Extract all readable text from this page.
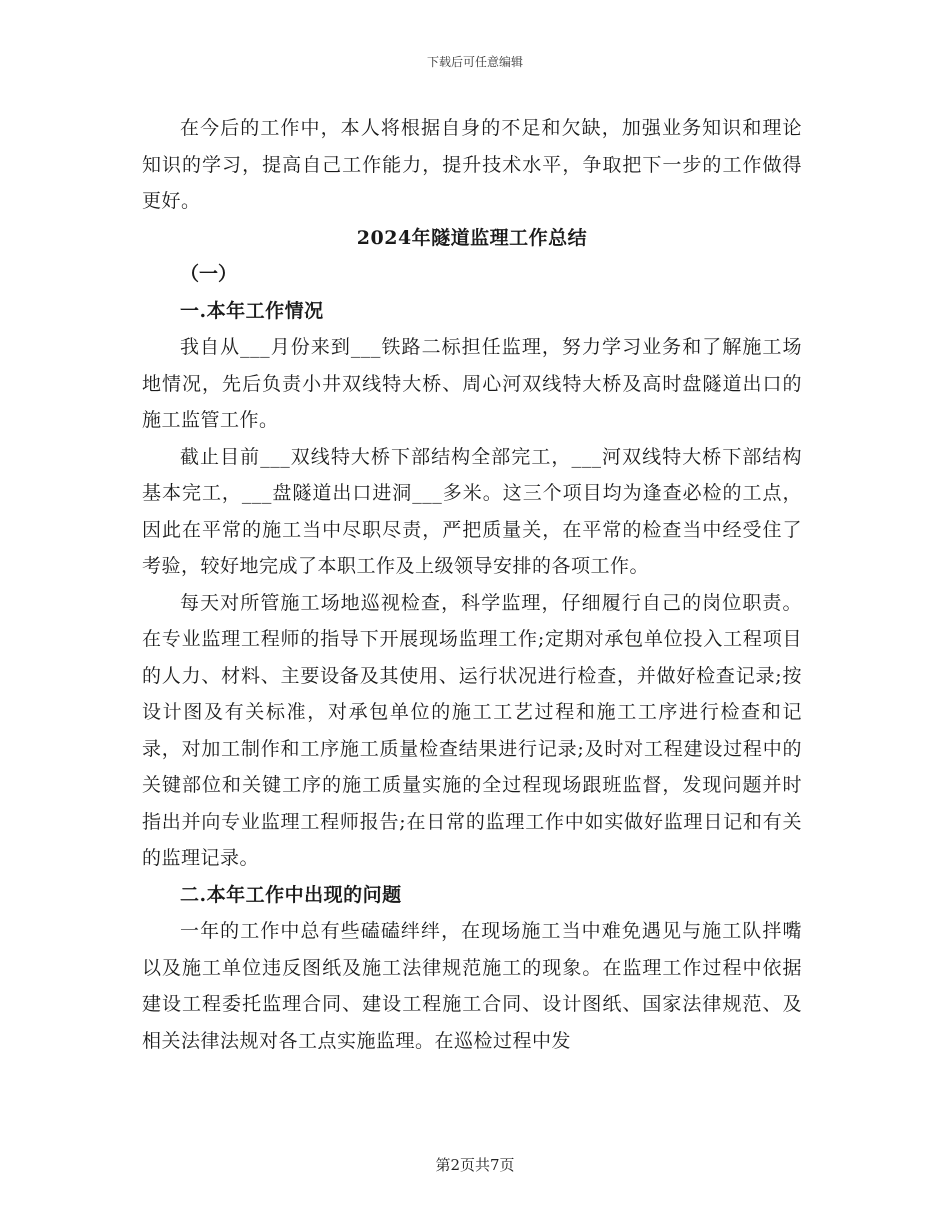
下载后可任意编辑

在今后的工作中，本人将根据自身的不足和欠缺，加强业务知识和理论知识的学习，提高自己工作能力，提升技术水平，争取把下一步的工作做得更好。

2024年隧道监理工作总结
（一）
一.本年工作情况

我自从___月份来到___铁路二标担任监理，努力学习业务和了解施工场地情况，先后负责小井双线特大桥、周心河双线特大桥及高时盘隧道出口的施工监管工作。

截止目前___双线特大桥下部结构全部完工，___河双线特大桥下部结构基本完工，___盘隧道出口进洞___多米。这三个项目均为逢查必检的工点，因此在平常的施工当中尽职尽责，严把质量关，在平常的检查当中经受住了考验，较好地完成了本职工作及上级领导安排的各项工作。

每天对所管施工场地巡视检查，科学监理，仔细履行自己的岗位职责。在专业监理工程师的指导下开展现场监理工作;定期对承包单位投入工程项目的人力、材料、主要设备及其使用、运行状况进行检查，并做好检查记录;按设计图及有关标准，对承包单位的施工工艺过程和施工工序进行检查和记录，对加工制作和工序施工质量检查结果进行记录;及时对工程建设过程中的关键部位和关键工序的施工质量实施的全过程现场跟班监督，发现问题并时指出并向专业监理工程师报告;在日常的监理工作中如实做好监理日记和有关的监理记录。

二.本年工作中出现的问题

一年的工作中总有些磕磕绊绊，在现场施工当中难免遇见与施工队拌嘴以及施工单位违反图纸及施工法律规范施工的现象。在监理工作过程中依据建设工程委托监理合同、建设工程施工合同、设计图纸、国家法律规范、及相关法律法规对各工点实施监理。在巡检过程中发

第2页共7页
